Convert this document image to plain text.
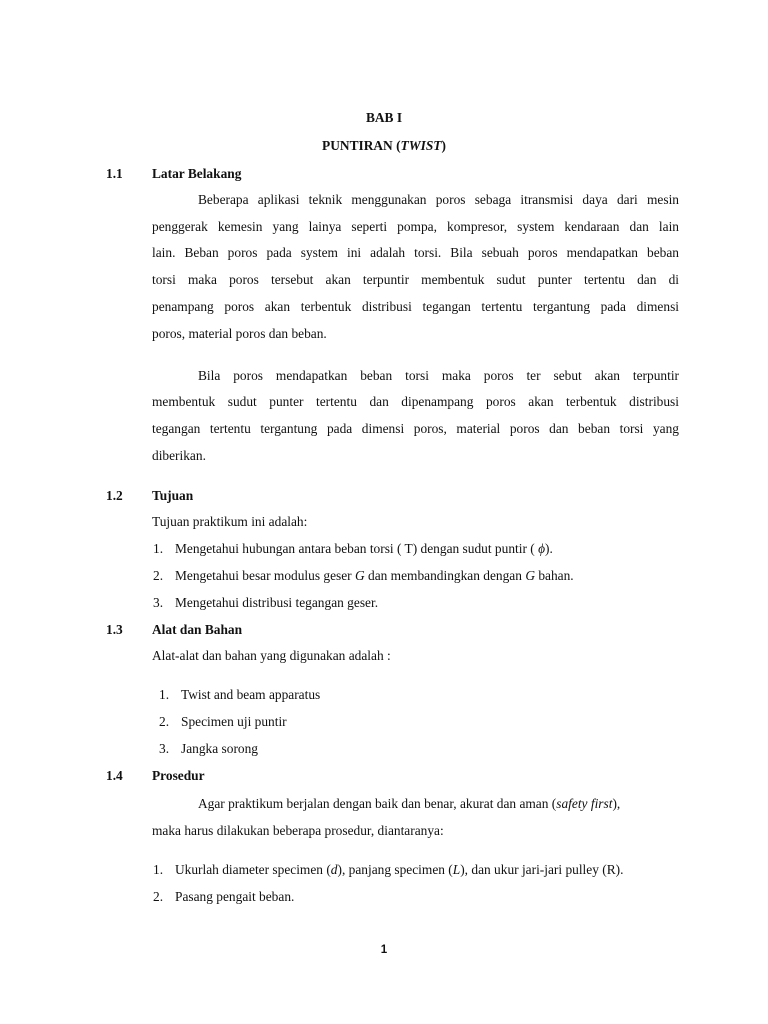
BAB I
PUNTIRAN (TWIST)
1.1 Latar Belakang
Beberapa aplikasi teknik menggunakan poros sebaga itransmisi daya dari mesin
penggerak kemesin yang lainya seperti pompa, kompresor, system kendaraan dan lain
lain. Beban poros pada system ini adalah torsi. Bila sebuah poros mendapatkan beban
torsi maka poros tersebut akan terpuntir membentuk sudut punter tertentu dan di
penampang poros akan terbentuk distribusi tegangan tertentu tergantung pada dimensi
poros, material poros dan beban.
Bila poros mendapatkan beban torsi maka poros ter sebut akan terpuntir
membentuk sudut punter tertentu dan dipenampang poros akan terbentuk distribusi
tegangan tertentu tergantung pada dimensi poros, material poros dan beban torsi yang
diberikan.
1.2 Tujuan
Tujuan praktikum ini adalah:
1. Mengetahui hubungan antara beban torsi ( T) dengan sudut puntir ( ϕ).
2. Mengetahui besar modulus geser G dan membandingkan dengan G bahan.
3. Mengetahui distribusi tegangan geser.
1.3 Alat dan Bahan
Alat-alat dan bahan yang digunakan adalah :
1. Twist and beam apparatus
2. Specimen uji puntir
3. Jangka sorong
1.4 Prosedur
Agar praktikum berjalan dengan baik dan benar, akurat dan aman (safety first),
maka harus dilakukan beberapa prosedur, diantaranya:
1. Ukurlah diameter specimen (d), panjang specimen (L), dan ukur jari-jari pulley (R).
2. Pasang pengait beban.
1
